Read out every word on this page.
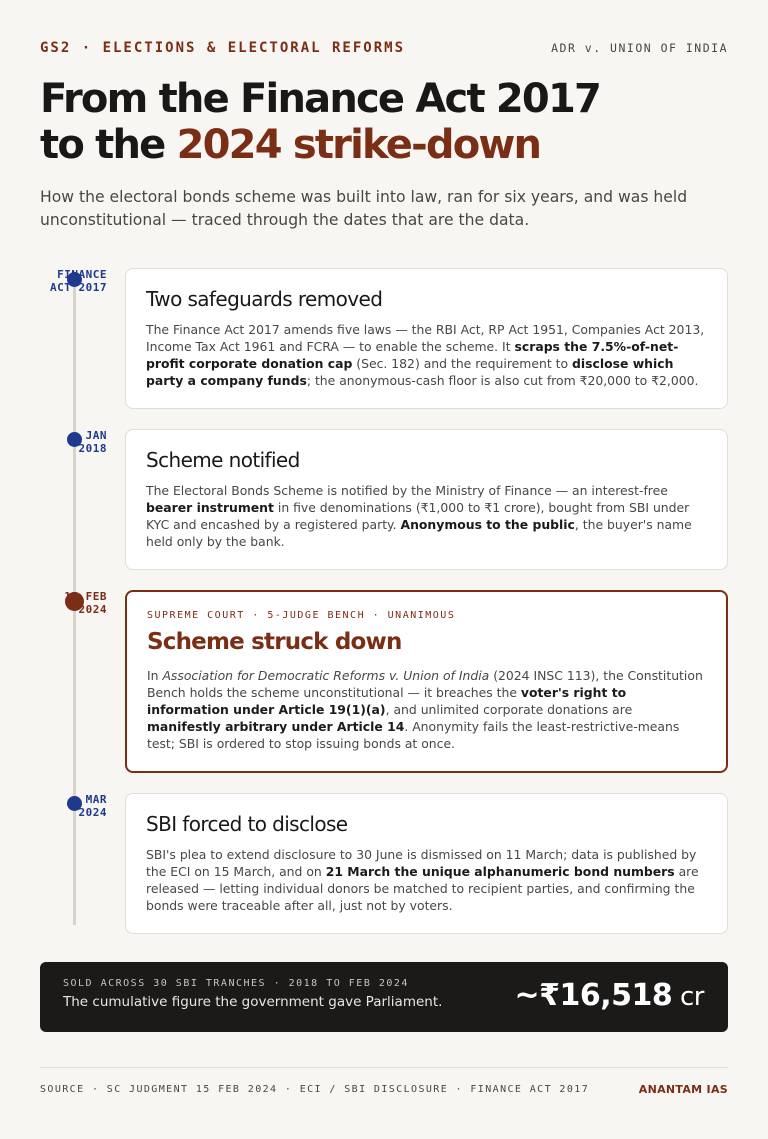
GS2 · ELECTIONS & ELECTORAL REFORMS	ADR v. UNION OF INDIA
From the Finance Act 2017
to the 2024 strike-down

How the electoral bonds scheme was built into law, ran for six years, and was held unconstitutional — traced through the dates that are the data.

FINANCE
ACT 2017 Two safeguards removed

The Finance Act 2017 amends five laws — the RBI Act, RP Act 1951, Companies Act 2013, Income Tax Act 1961 and FCRA — to enable the scheme. It scraps the 7.5%-of-net-profit corporate donation cap (Sec. 182) and the requirement to disclose which party a company funds; the anonymous-cash floor is also cut from ₹20,000 to ₹2,000.

JAN
2018 Scheme notified

The Electoral Bonds Scheme is notified by the Ministry of Finance — an interest-free bearer instrument in five denominations (₹1,000 to ₹1 crore), bought from SBI under KYC and encashed by a registered party. Anonymous to the public, the buyer's name held only by the bank.

15 FEB
2024	SUPREME COURT · 5-JUDGE BENCH · UNANIMOUS
Scheme struck down

In Association for Democratic Reforms v. Union of India (2024 INSC 113), the Constitution Bench holds the scheme unconstitutional — it breaches the voter's right to information under Article 19(1)(a), and unlimited corporate donations are manifestly arbitrary under Article 14. Anonymity fails the least-restrictive-means test; SBI is ordered to stop issuing bonds at once.

MAR
2024 SBI forced to disclose

SBI's plea to extend disclosure to 30 June is dismissed on 11 March; data is published by the ECI on 15 March, and on 21 March the unique alphanumeric bond numbers are released — letting individual donors be matched to recipient parties, and confirming the bonds were traceable after all, just not by voters.

SOLD ACROSS 30 SBI TRANCHES · 2018 TO FEB 2024
The cumulative figure the government gave Parliament.	~₹16,518 cr
SOURCE · SC JUDGMENT 15 FEB 2024 · ECI / SBI DISCLOSURE · FINANCE ACT 2017	ANANTAM IAS
